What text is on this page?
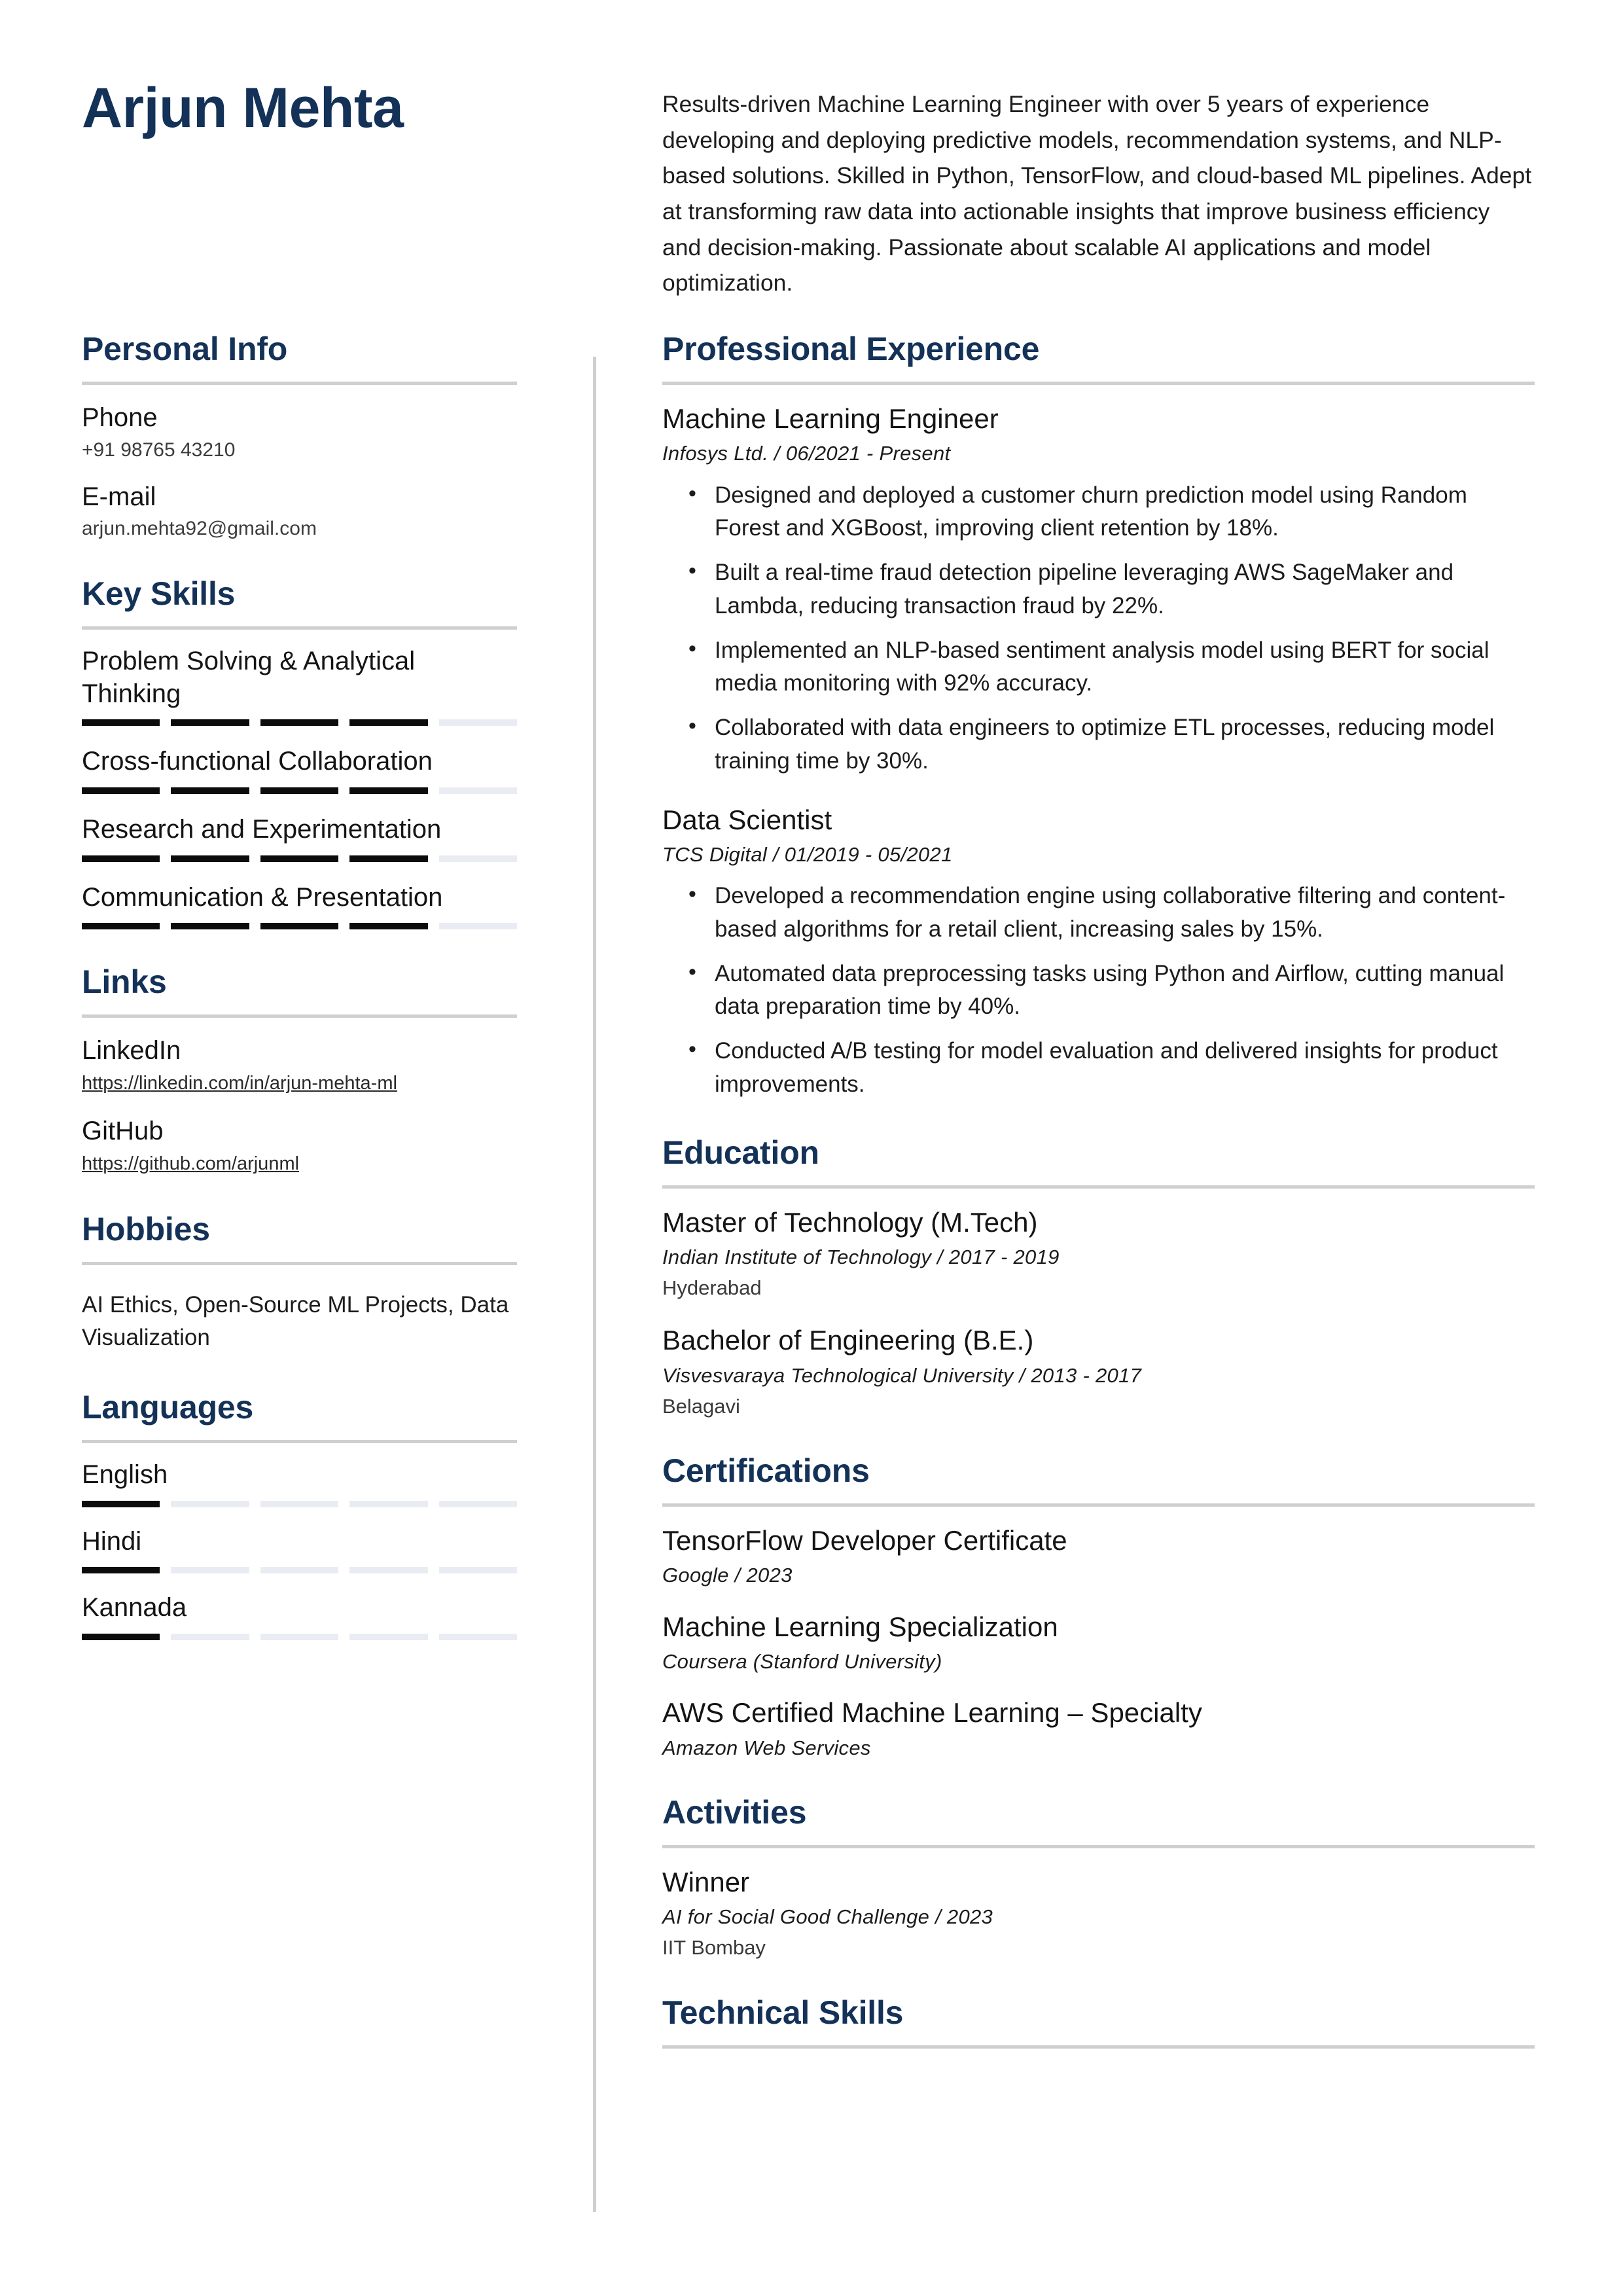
Arjun Mehta	Results-driven Machine Learning Engineer with over 5 years of experience developing and deploying predictive models, recommendation systems, and NLP-based solutions. Skilled in Python, TensorFlow, and cloud-based ML pipelines. Adept at transforming raw data into actionable insights that improve business efficiency and decision-making. Passionate about scalable AI applications and model optimization.
Personal Info
Phone
+91 98765 43210
E-mail
arjun.mehta92@gmail.com
Key Skills
Problem Solving & Analytical Thinking
Cross-functional Collaboration
Research and Experimentation
Communication & Presentation
Links
LinkedIn
https://linkedin.com/in/arjun-mehta-ml
GitHub
https://github.com/arjunml
Hobbies
AI Ethics, Open-Source ML Projects, Data Visualization
Languages
English
Hindi
Kannada
Professional Experience
Machine Learning Engineer
Infosys Ltd. / 06/2021 - Present
• Designed and deployed a customer churn prediction model using Random Forest and XGBoost, improving client retention by 18%.
• Built a real-time fraud detection pipeline leveraging AWS SageMaker and Lambda, reducing transaction fraud by 22%.
• Implemented an NLP-based sentiment analysis model using BERT for social media monitoring with 92% accuracy.
• Collaborated with data engineers to optimize ETL processes, reducing model training time by 30%.
Data Scientist
TCS Digital / 01/2019 - 05/2021
• Developed a recommendation engine using collaborative filtering and content-based algorithms for a retail client, increasing sales by 15%.
• Automated data preprocessing tasks using Python and Airflow, cutting manual data preparation time by 40%.
• Conducted A/B testing for model evaluation and delivered insights for product improvements.
Education
Master of Technology (M.Tech)
Indian Institute of Technology / 2017 - 2019
Hyderabad
Bachelor of Engineering (B.E.)
Visvesvaraya Technological University / 2013 - 2017
Belagavi
Certifications
TensorFlow Developer Certificate
Google / 2023
Machine Learning Specialization
Coursera (Stanford University)
AWS Certified Machine Learning – Specialty
Amazon Web Services
Activities
Winner
AI for Social Good Challenge / 2023
IIT Bombay
Technical Skills
